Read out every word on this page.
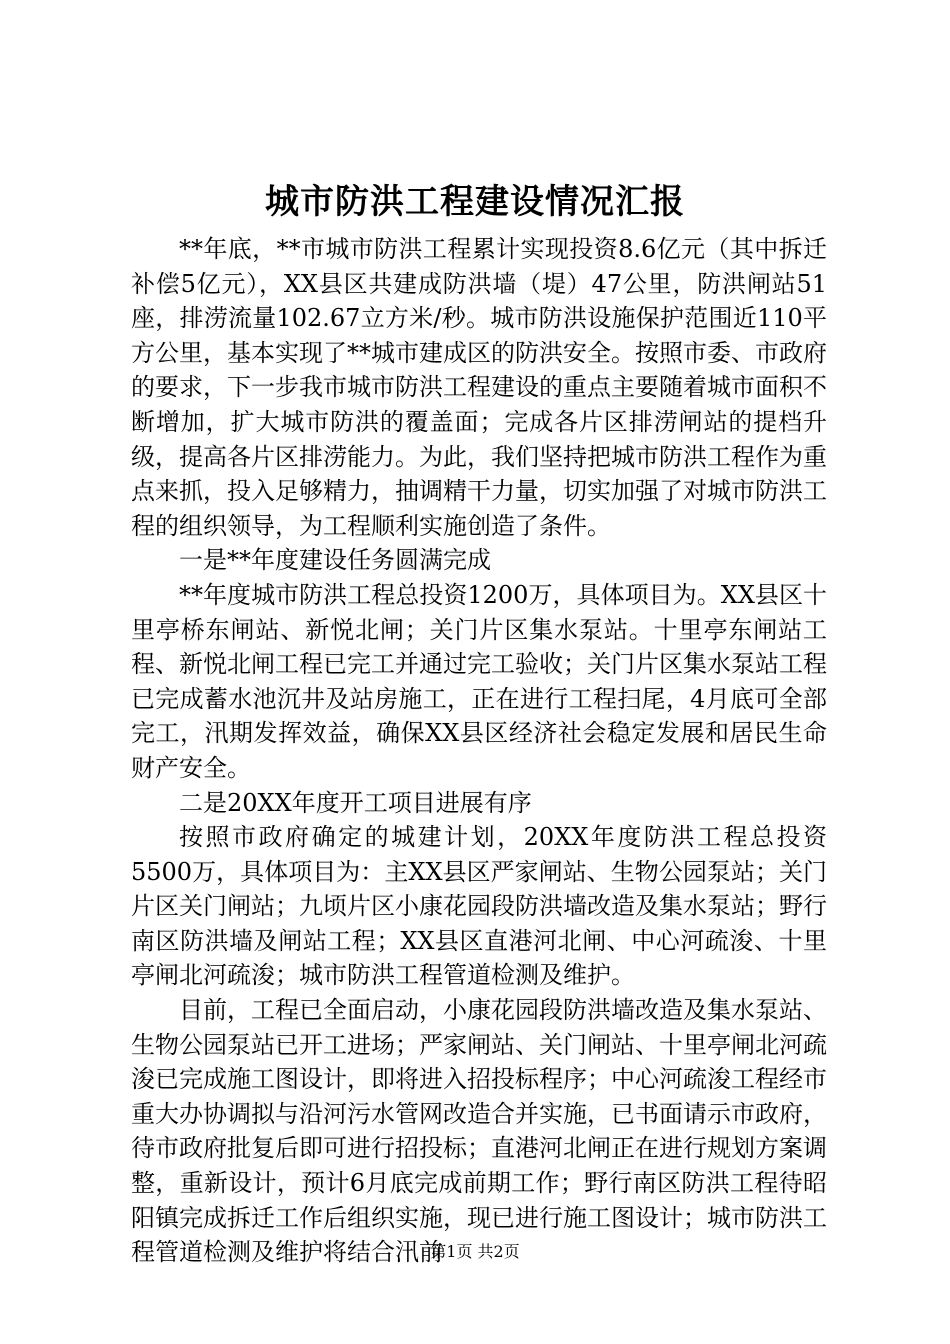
城市防洪工程建设情况汇报

**年底，**市城市防洪工程累计实现投资8.6亿元（其中拆迁补偿5亿元），XX县区共建成防洪墙（堤）47公里，防洪闸站51座，排涝流量102.67立方米/秒。城市防洪设施保护范围近110平方公里，基本实现了**城市建成区的防洪安全。按照市委、市政府的要求，下一步我市城市防洪工程建设的重点主要随着城市面积不断增加，扩大城市防洪的覆盖面；完成各片区排涝闸站的提档升级，提高各片区排涝能力。为此，我们坚持把城市防洪工程作为重点来抓，投入足够精力，抽调精干力量，切实加强了对城市防洪工程的组织领导，为工程顺利实施创造了条件。

一是**年度建设任务圆满完成

**年度城市防洪工程总投资1200万，具体项目为。XX县区十里亭桥东闸站、新悦北闸；关门片区集水泵站。十里亭东闸站工程、新悦北闸工程已完工并通过完工验收；关门片区集水泵站工程已完成蓄水池沉井及站房施工，正在进行工程扫尾，4月底可全部完工，汛期发挥效益，确保XX县区经济社会稳定发展和居民生命财产安全。

二是20XX年度开工项目进展有序

按照市政府确定的城建计划，20XX年度防洪工程总投资5500万，具体项目为：主XX县区严家闸站、生物公园泵站；关门片区关门闸站；九顷片区小康花园段防洪墙改造及集水泵站；野行南区防洪墙及闸站工程；XX县区直港河北闸、中心河疏浚、十里亭闸北河疏浚；城市防洪工程管道检测及维护。

目前，工程已全面启动，小康花园段防洪墙改造及集水泵站、生物公园泵站已开工进场；严家闸站、关门闸站、十里亭闸北河疏浚已完成施工图设计，即将进入招投标程序；中心河疏浚工程经市重大办协调拟与沿河污水管网改造合并实施，已书面请示市政府，待市政府批复后即可进行招投标；直港河北闸正在进行规划方案调整，重新设计，预计6月底完成前期工作；野行南区防洪工程待昭阳镇完成拆迁工作后组织实施，现已进行施工图设计；城市防洪工程管道检测及维护将结合汛前

第1页 共2页
